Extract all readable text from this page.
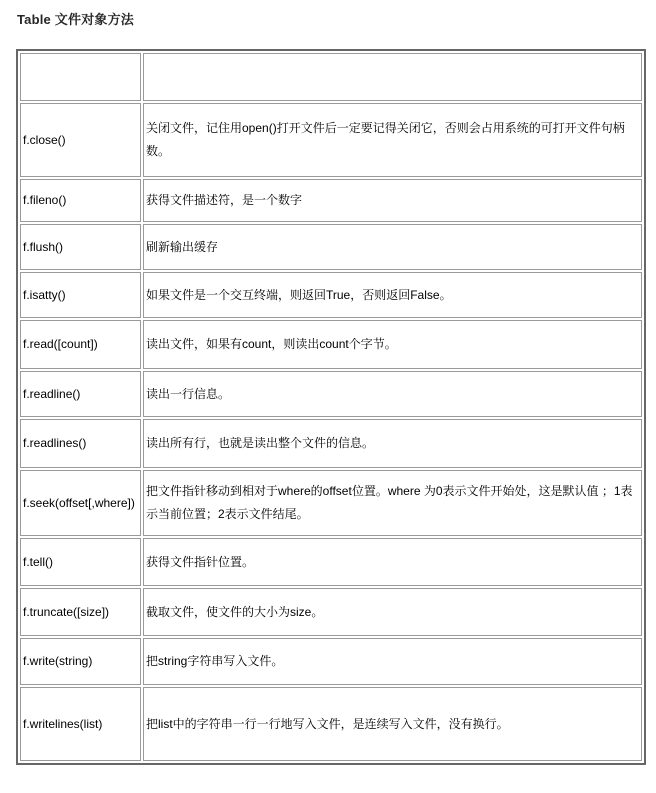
Table 文件对象方法

f.close()	关闭文件，记住用open()打开文件后一定要记得关闭它，否则会占用系统的可打开文件句柄数。
f.fileno()	获得文件描述符，是一个数字
f.flush()	刷新输出缓存
f.isatty()	如果文件是一个交互终端，则返回True，否则返回False。
f.read([count])	读出文件，如果有count，则读出count个字节。
f.readline()	读出一行信息。
f.readlines()	读出所有行，也就是读出整个文件的信息。
f.seek(offset[,where])	把文件指针移动到相对于where的offset位置。where 为0表示文件开始处，这是默认值 ；1表示当前位置；2表示文件结尾。
f.tell()	获得文件指针位置。
f.truncate([size])	截取文件，使文件的大小为size。
f.write(string)	把string字符串写入文件。
f.writelines(list)	把list中的字符串一行一行地写入文件，是连续写入文件，没有换行。
